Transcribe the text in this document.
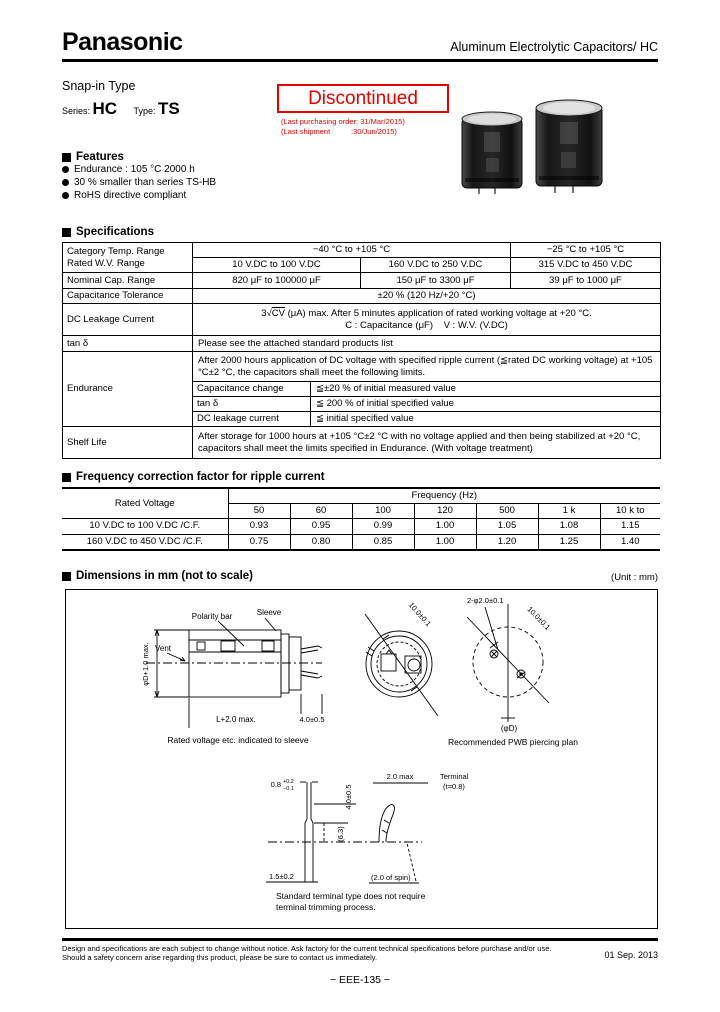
Panasonic	Aluminum Electrolytic Capacitors/ HC
Snap-in Type
Series: HC Type: TS	Discontinued
(Last purchasing order: 31/Mar/2015)
(Last shipment          :30/Jun/2015)
Features
Endurance : 105 °C 2000 h
30 % smaller than series TS-HB
RoHS directive compliant
Specifications
Category Temp. Range
Rated W.V. Range	−40 °C to +105 °C			−25 °C to +105 °C
	10 V.DC to 100 V.DC		160 V.DC to 250 V.DC	315 V.DC to 450 V.DC
Nominal Cap. Range	820 μF to 100000 μF		150 μF to 3300 μF	39 μF to 1000 μF
Capacitance Tolerance	±20 % (120 Hz/+20 °C)			
DC Leakage Current	3√CV (μA) max. After 5 minutes application of rated working voltage at +20 °C.
C : Capacitance (μF)    V : W.V. (V.DC)			

tan δ	Please see the attached standard products list			
Endurance	After 2000 hours application of DC voltage with specified ripple current (≦rated DC working voltage) at +105 °C±2 °C, the capacitors shall meet the following limits.			
	Capacitance change	≦±20 % of initial measured value		
	tan δ	≦ 200 % of initial specified value		
	DC leakage current	≦ initial specified value		
Shelf Life	After storage for 1000 hours at +105 °C±2 °C with no voltage applied and then being stabilized at +20 °C, capacitors shall meet the limits specified in Endurance. (With voltage treatment)			
Frequency correction factor for ripple current
Rated Voltage	Frequency (Hz)						
	50	60	100	120	500	1 k	10 k to
10 V.DC to 100 V.DC /C.F.	0.93	0.95	0.99	1.00	1.05	1.08	1.15
160 V.DC to 450 V.DC /C.F.	0.75	0.80	0.85	1.00	1.20	1.25	1.40
Dimensions in mm (not to scale)	(Unit : mm)
Polarity bar	Sleeve
Vent
φD+1.0 max.
L+2.0 max.	4.0±0.5
Rated voltage etc. indicated to sleeve
10.0±0.1	2-φ2.0±0.1
10.0±0.1
(φD)
Recommended PWB piercing plan
0.8 +0.2
−0.1	4.0±0.5
2.0 max	Terminal
(t=0.8)
(6.3)
1.5±0.2	(2.0 of spin)
Standard terminal type does not require
terminal trimming process.
Design and specifications are each subject to change without notice. Ask factory for the current technical specifications before purchase and/or use.
Should a safety concern arise regarding this product, please be sure to contact us immediately.	01 Sep. 2013
− EEE-135 −
